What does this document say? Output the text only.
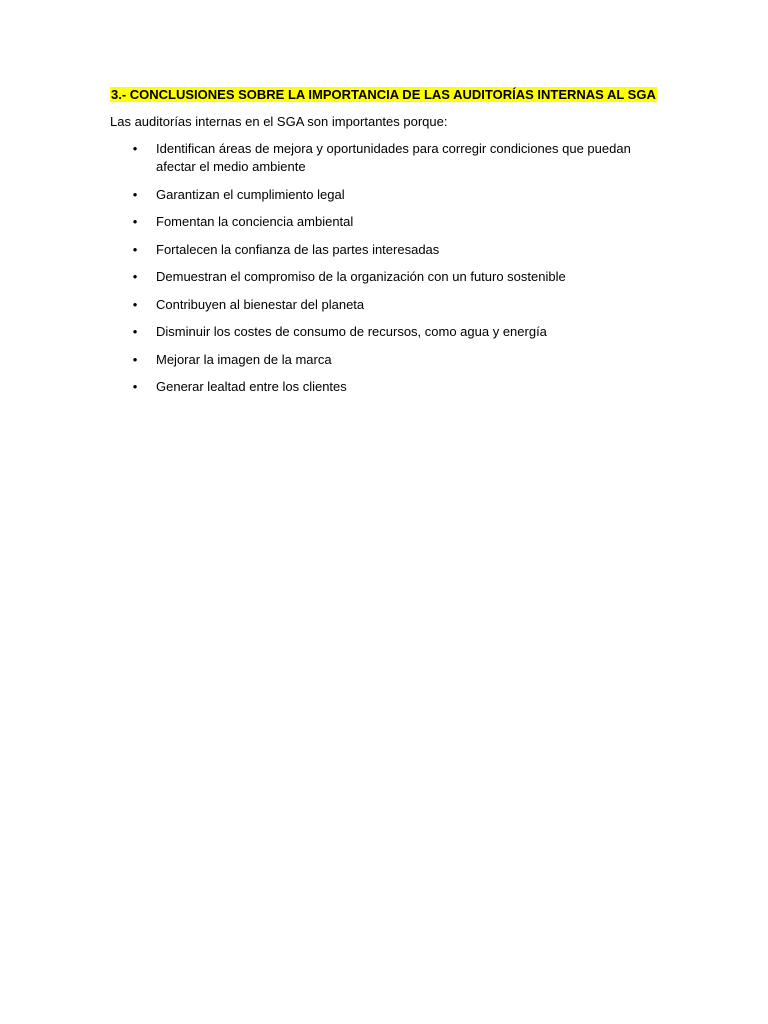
3.- CONCLUSIONES SOBRE LA IMPORTANCIA DE LAS AUDITORÍAS INTERNAS AL SGA

Las auditorías internas en el SGA son importantes porque:

• Identifican áreas de mejora y oportunidades para corregir condiciones que puedan afectar el medio ambiente
• Garantizan el cumplimiento legal
• Fomentan la conciencia ambiental
• Fortalecen la confianza de las partes interesadas
• Demuestran el compromiso de la organización con un futuro sostenible
• Contribuyen al bienestar del planeta
• Disminuir los costes de consumo de recursos, como agua y energía
• Mejorar la imagen de la marca
• Generar lealtad entre los clientes
